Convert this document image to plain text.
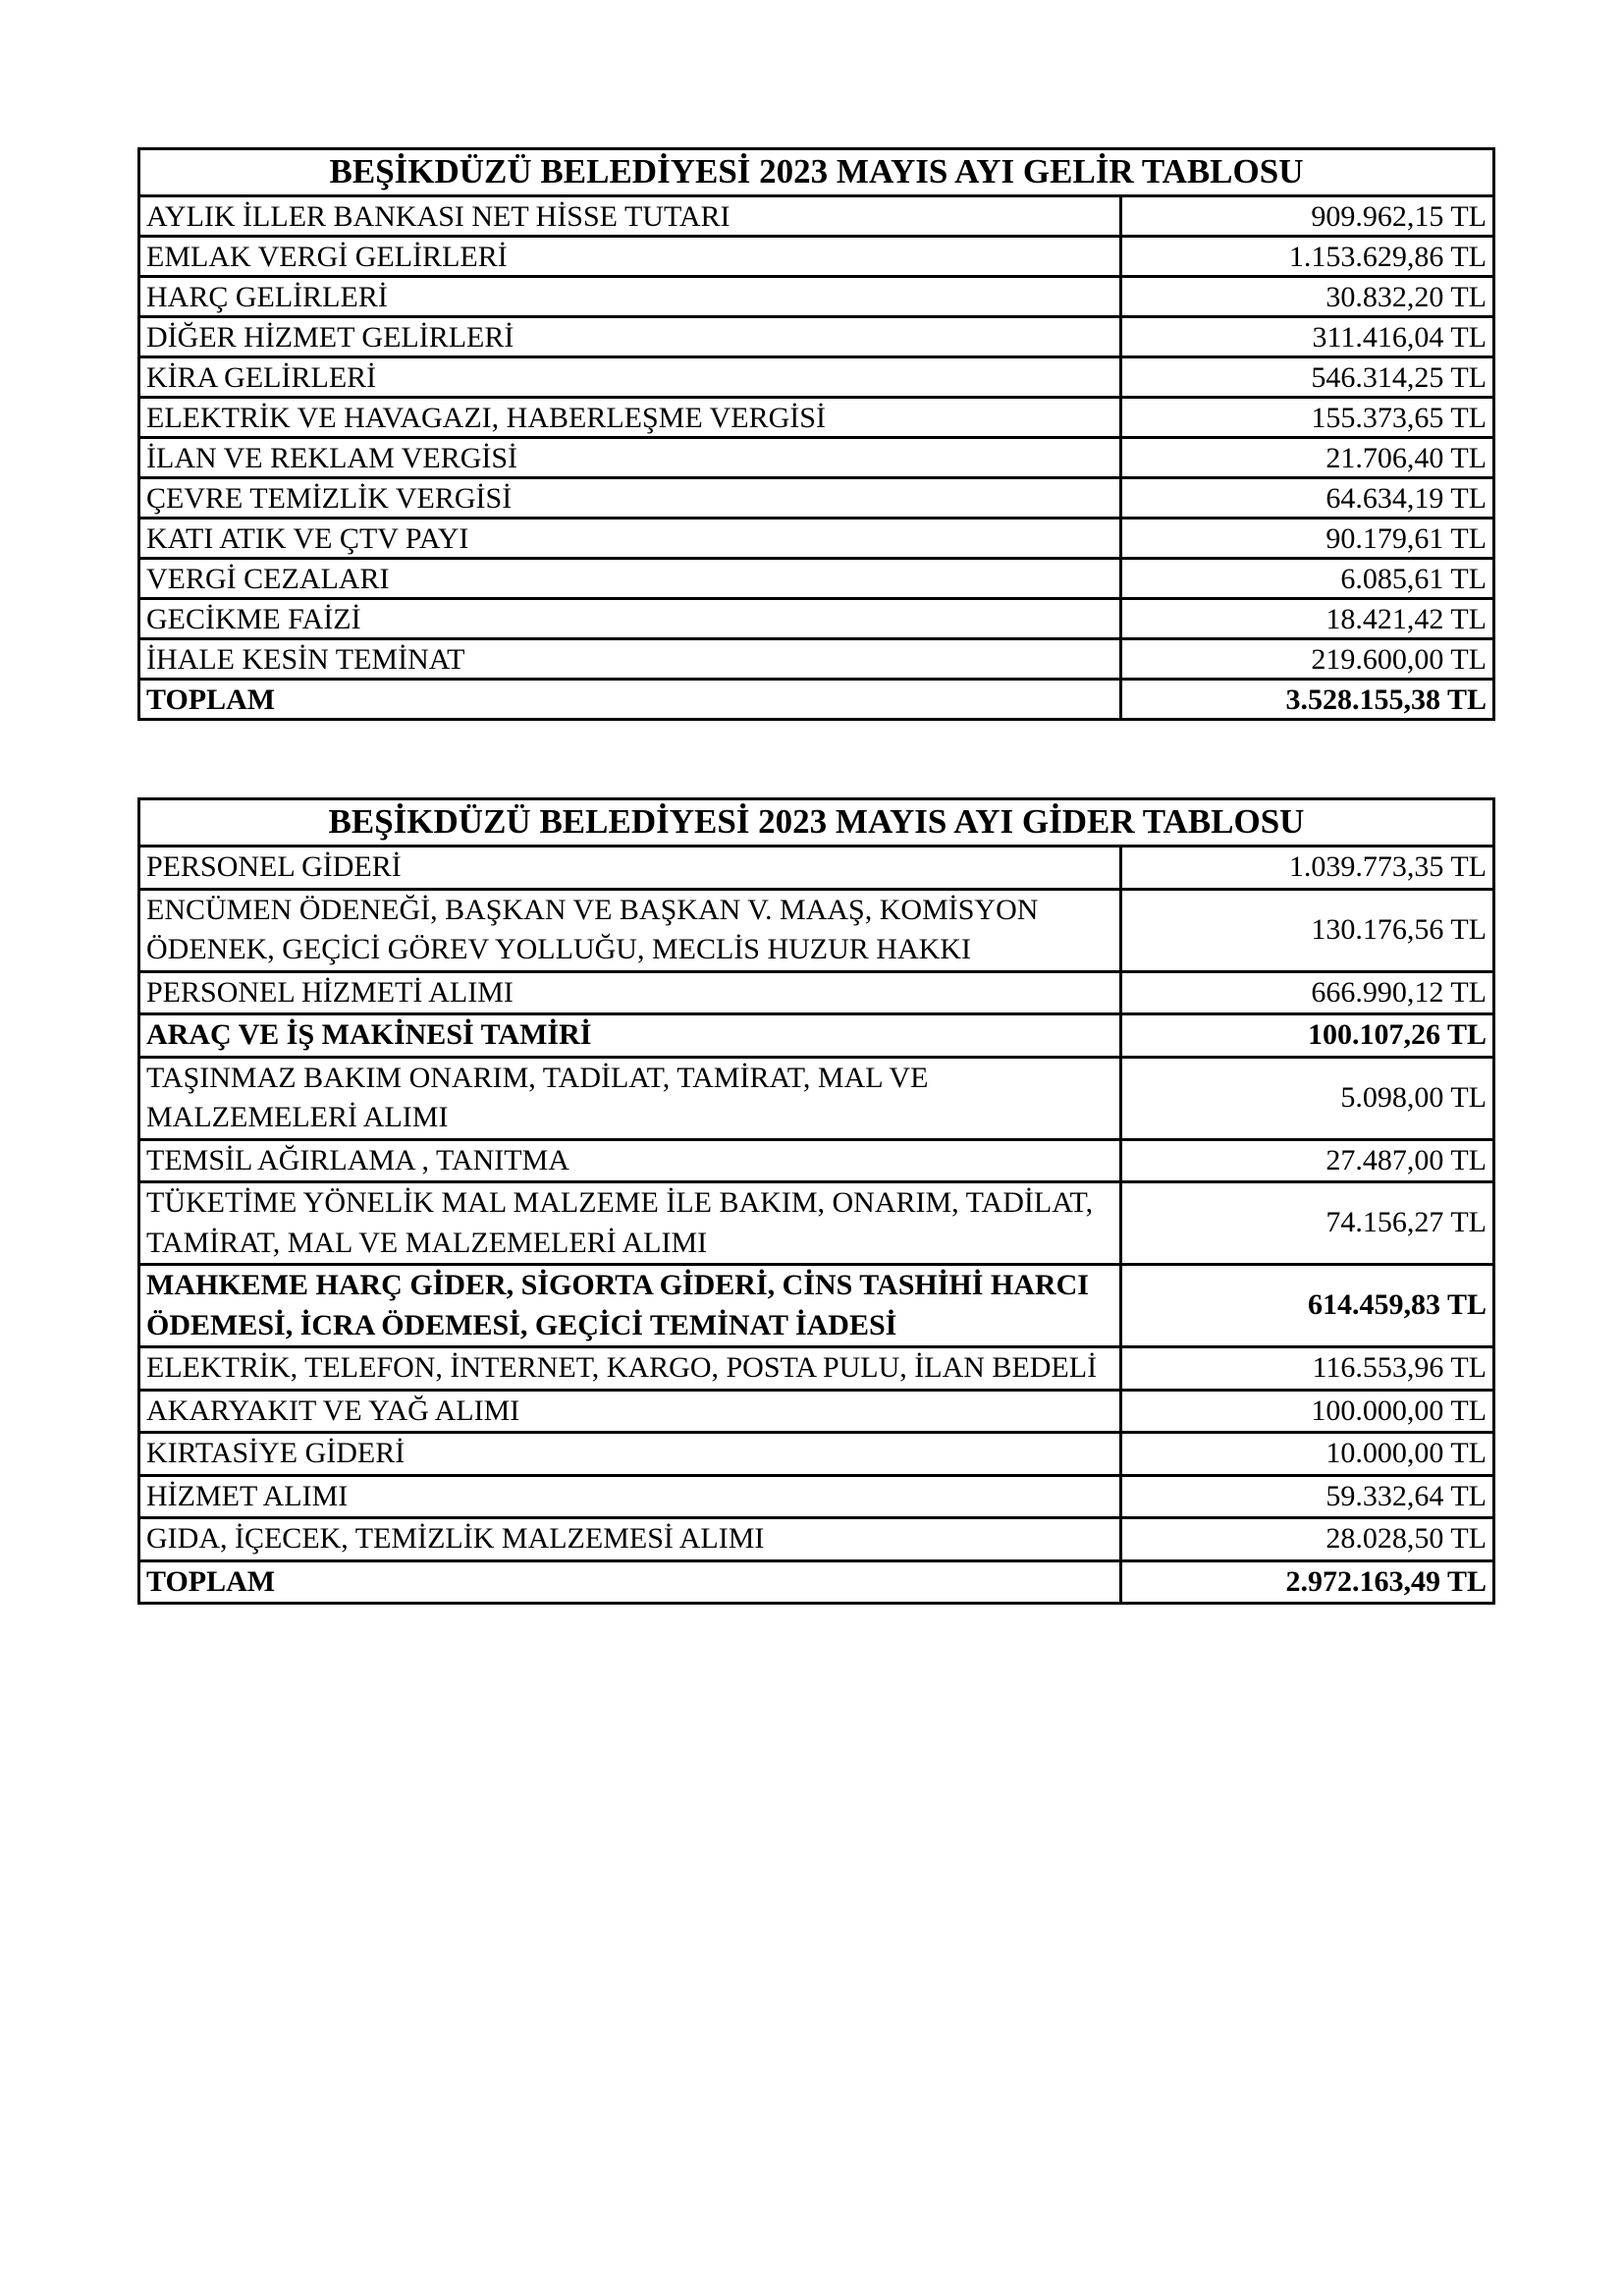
BEŞİKDÜZÜ BELEDİYESİ 2023 MAYIS AYI GELİR TABLOSU	
AYLIK İLLER BANKASI NET HİSSE TUTARI	909.962,15 TL
EMLAK VERGİ GELİRLERİ	1.153.629,86 TL
HARÇ GELİRLERİ	30.832,20 TL
DİĞER HİZMET GELİRLERİ	311.416,04 TL
KİRA GELİRLERİ	546.314,25 TL
ELEKTRİK VE HAVAGAZI, HABERLEŞME VERGİSİ	155.373,65 TL
İLAN VE REKLAM VERGİSİ	21.706,40 TL
ÇEVRE TEMİZLİK VERGİSİ	64.634,19 TL
KATI ATIK VE ÇTV PAYI	90.179,61 TL
VERGİ CEZALARI	6.085,61 TL
GECİKME FAİZİ	18.421,42 TL
İHALE KESİN TEMİNAT	219.600,00 TL
TOPLAM	3.528.155,38 TL
BEŞİKDÜZÜ BELEDİYESİ 2023 MAYIS AYI GİDER TABLOSU	
PERSONEL GİDERİ	1.039.773,35 TL
ENCÜMEN ÖDENEĞİ, BAŞKAN VE BAŞKAN V. MAAŞ, KOMİSYON ÖDENEK, GEÇİCİ GÖREV YOLLUĞU, MECLİS HUZUR HAKKI	130.176,56 TL
PERSONEL HİZMETİ ALIMI	666.990,12 TL
ARAÇ VE İŞ MAKİNESİ TAMİRİ	100.107,26 TL
TAŞINMAZ BAKIM ONARIM, TADİLAT, TAMİRAT, MAL VE MALZEMELERİ ALIMI	5.098,00 TL
TEMSİL AĞIRLAMA , TANITMA	27.487,00 TL
TÜKETİME YÖNELİK MAL MALZEME İLE BAKIM, ONARIM, TADİLAT, TAMİRAT, MAL VE MALZEMELERİ ALIMI	74.156,27 TL
MAHKEME HARÇ GİDER, SİGORTA GİDERİ, CİNS TASHİHİ HARCI ÖDEMESİ, İCRA ÖDEMESİ, GEÇİCİ TEMİNAT İADESİ	614.459,83 TL
ELEKTRİK, TELEFON, İNTERNET, KARGO, POSTA PULU, İLAN BEDELİ	116.553,96 TL
AKARYAKIT VE YAĞ ALIMI	100.000,00 TL
KIRTASİYE GİDERİ	10.000,00 TL
HİZMET ALIMI	59.332,64 TL
GIDA, İÇECEK, TEMİZLİK MALZEMESİ ALIMI	28.028,50 TL
TOPLAM	2.972.163,49 TL
